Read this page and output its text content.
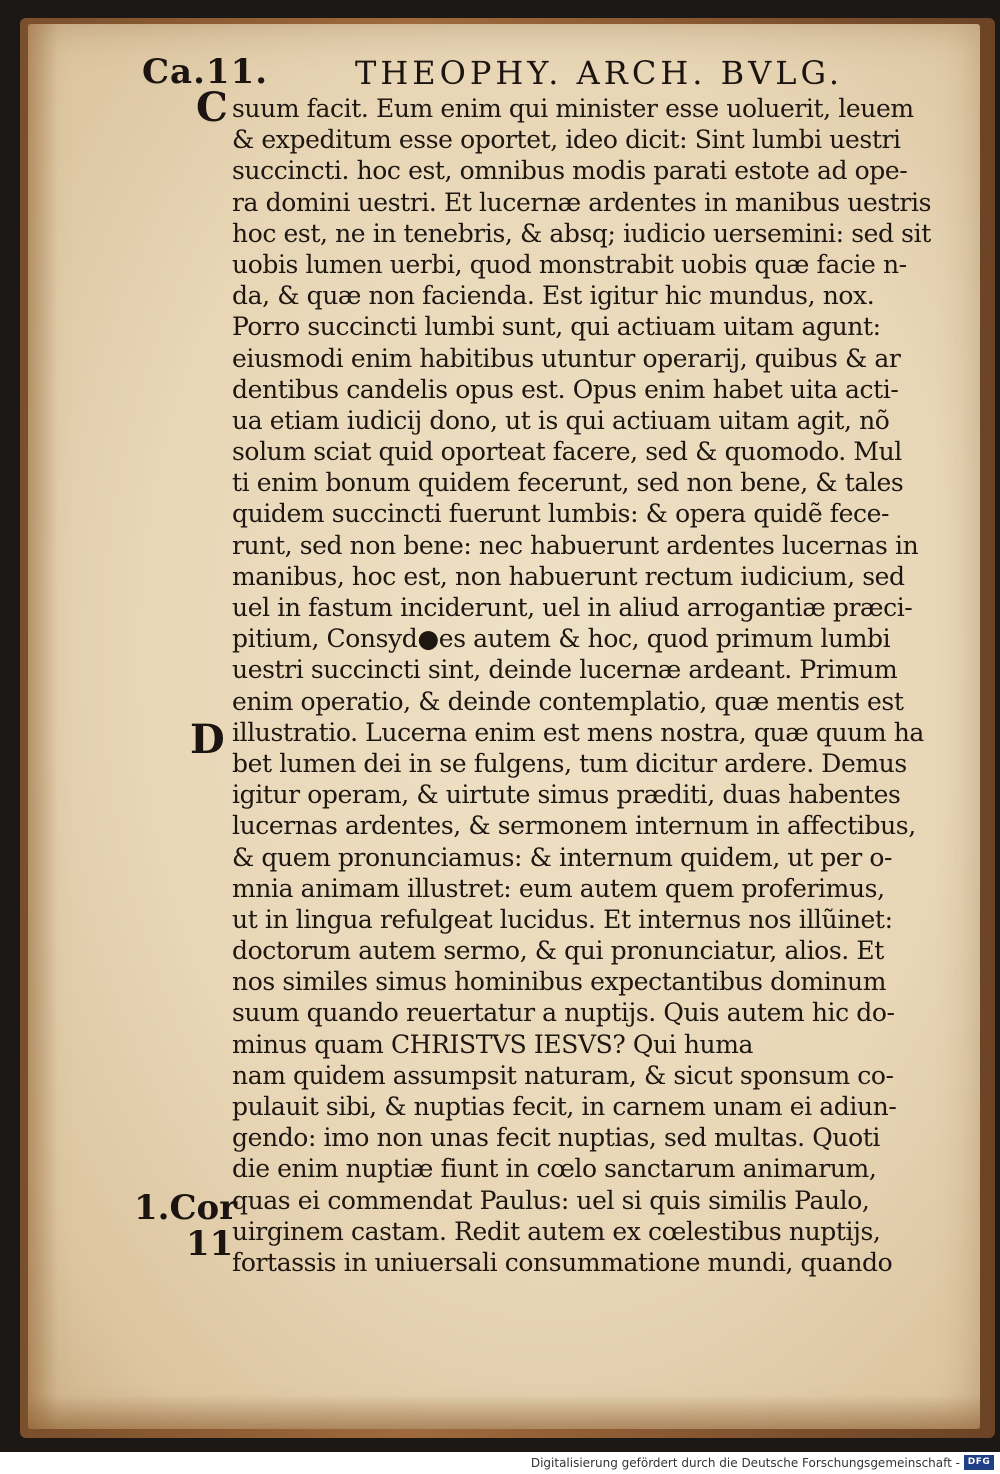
Ca.11.	THEOPHY. ARCH. BVLG.
C
D
1.Cor
11
suum facit. Eum enim qui minister esse uoluerit, leuem
& expeditum esse oportet, ideo dicit: Sint lumbi uestri
succincti. hoc est, omnibus modis parati estote ad ope-
ra domini uestri. Et lucernæ ardentes in manibus uestris
hoc est, ne in tenebris, & absq; iudicio uersemini: sed sit
uobis lumen uerbi, quod monstrabit uobis quæ facie n-
da, & quæ non facienda. Est igitur hic mundus, nox.
Porro succincti lumbi sunt, qui actiuam uitam agunt:
eiusmodi enim habitibus utuntur operarij, quibus & ar
dentibus candelis opus est. Opus enim habet uita acti-
ua etiam iudicij dono, ut is qui actiuam uitam agit, nõ
solum sciat quid oporteat facere, sed & quomodo. Mul
ti enim bonum quidem fecerunt, sed non bene, & tales
quidem succincti fuerunt lumbis: & opera quidẽ fece-
runt, sed non bene: nec habuerunt ardentes lucernas in
manibus, hoc est, non habuerunt rectum iudicium, sed
uel in fastum inciderunt, uel in aliud arrogantiæ præci-
pitium, Consyd●es autem & hoc, quod primum lumbi
uestri succincti sint, deinde lucernæ ardeant. Primum
enim operatio, & deinde contemplatio, quæ mentis est
illustratio. Lucerna enim est mens nostra, quæ quum ha
bet lumen dei in se fulgens, tum dicitur ardere. Demus
igitur operam, & uirtute simus præditi, duas habentes
lucernas ardentes, & sermonem internum in affectibus,
& quem pronunciamus: & internum quidem, ut per o-
mnia animam illustret: eum autem quem proferimus,
ut in lingua refulgeat lucidus. Et internus nos illũinet:
doctorum autem sermo, & qui pronunciatur, alios. Et
nos similes simus hominibus expectantibus dominum
suum quando reuertatur a nuptijs. Quis autem hic do-
minus quam CHRISTVS IESVS? Qui huma
nam quidem assumpsit naturam, & sicut sponsum co-
pulauit sibi, & nuptias fecit, in carnem unam ei adiun-
gendo: imo non unas fecit nuptias, sed multas. Quoti
die enim nuptiæ fiunt in cœlo sanctarum animarum,
quas ei commendat Paulus: uel si quis similis Paulo,
uirginem castam. Redit autem ex cœlestibus nuptijs,
fortassis in uniuersali consummatione mundi, quando
Digitalisierung gefördert durch die Deutsche Forschungsgemeinschaft - DFG
